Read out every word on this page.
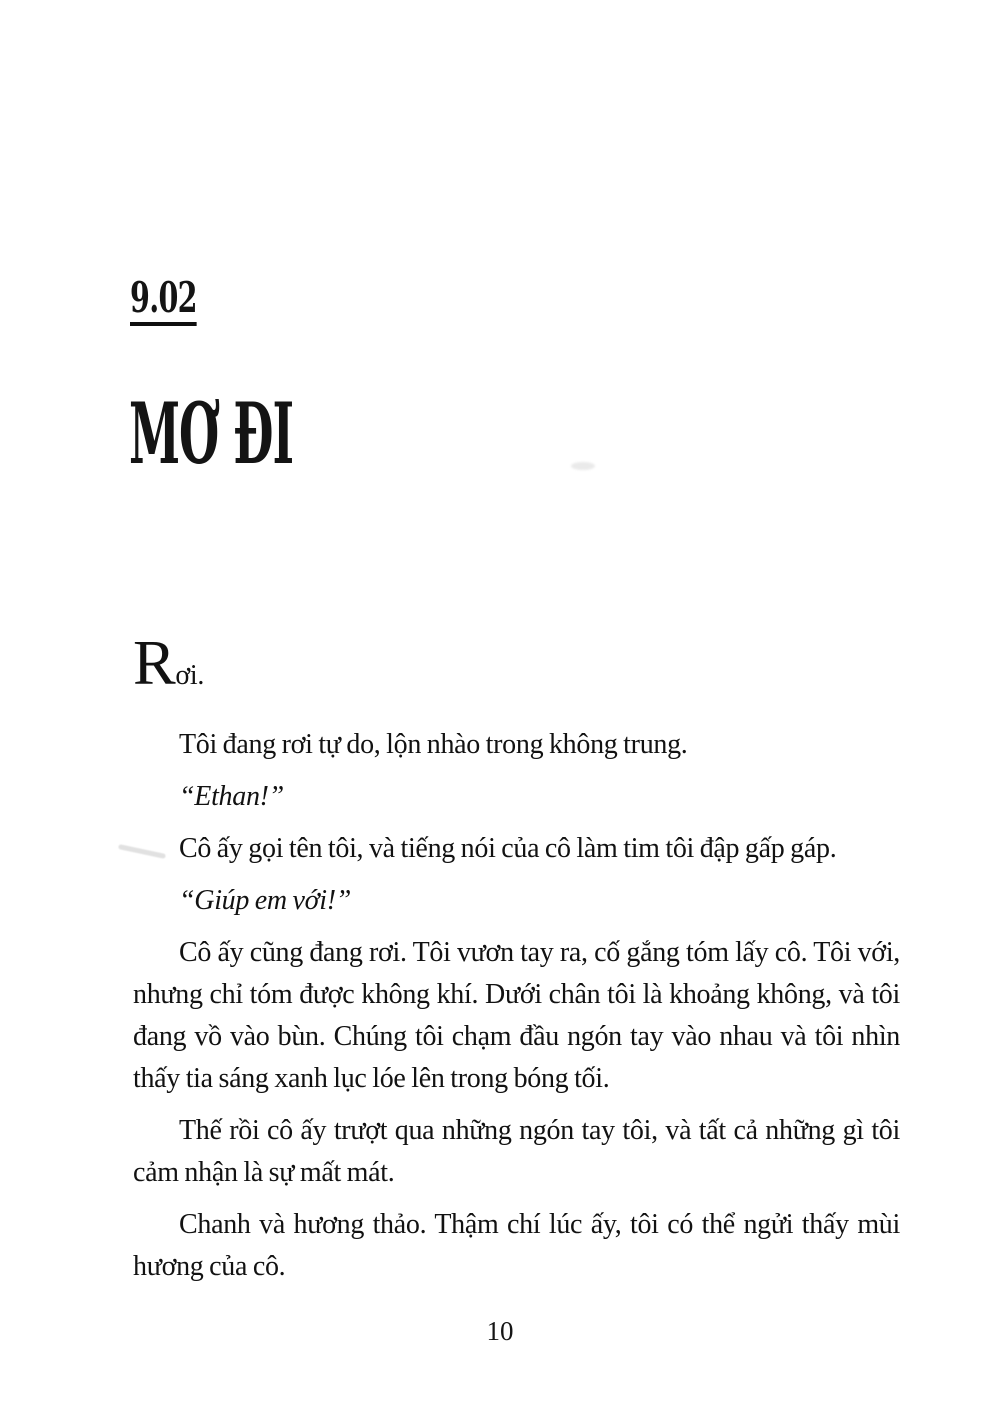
9.02
MƠ ĐI

Rơi.

Tôi đang rơi tự do, lộn nhào trong không trung.

“Ethan!”

Cô ấy gọi tên tôi, và tiếng nói của cô làm tim tôi đập gấp gáp.

“Giúp em với!”

Cô ấy cũng đang rơi. Tôi vươn tay ra, cố gắng tóm lấy cô. Tôi với, nhưng chỉ tóm được không khí. Dưới chân tôi là khoảng không, và tôi đang vồ vào bùn. Chúng tôi chạm đầu ngón tay vào nhau và tôi nhìn thấy tia sáng xanh lục lóe lên trong bóng tối.

Thế rồi cô ấy trượt qua những ngón tay tôi, và tất cả những gì tôi cảm nhận là sự mất mát.

Chanh và hương thảo. Thậm chí lúc ấy, tôi có thể ngửi thấy mùi hương của cô.

10
